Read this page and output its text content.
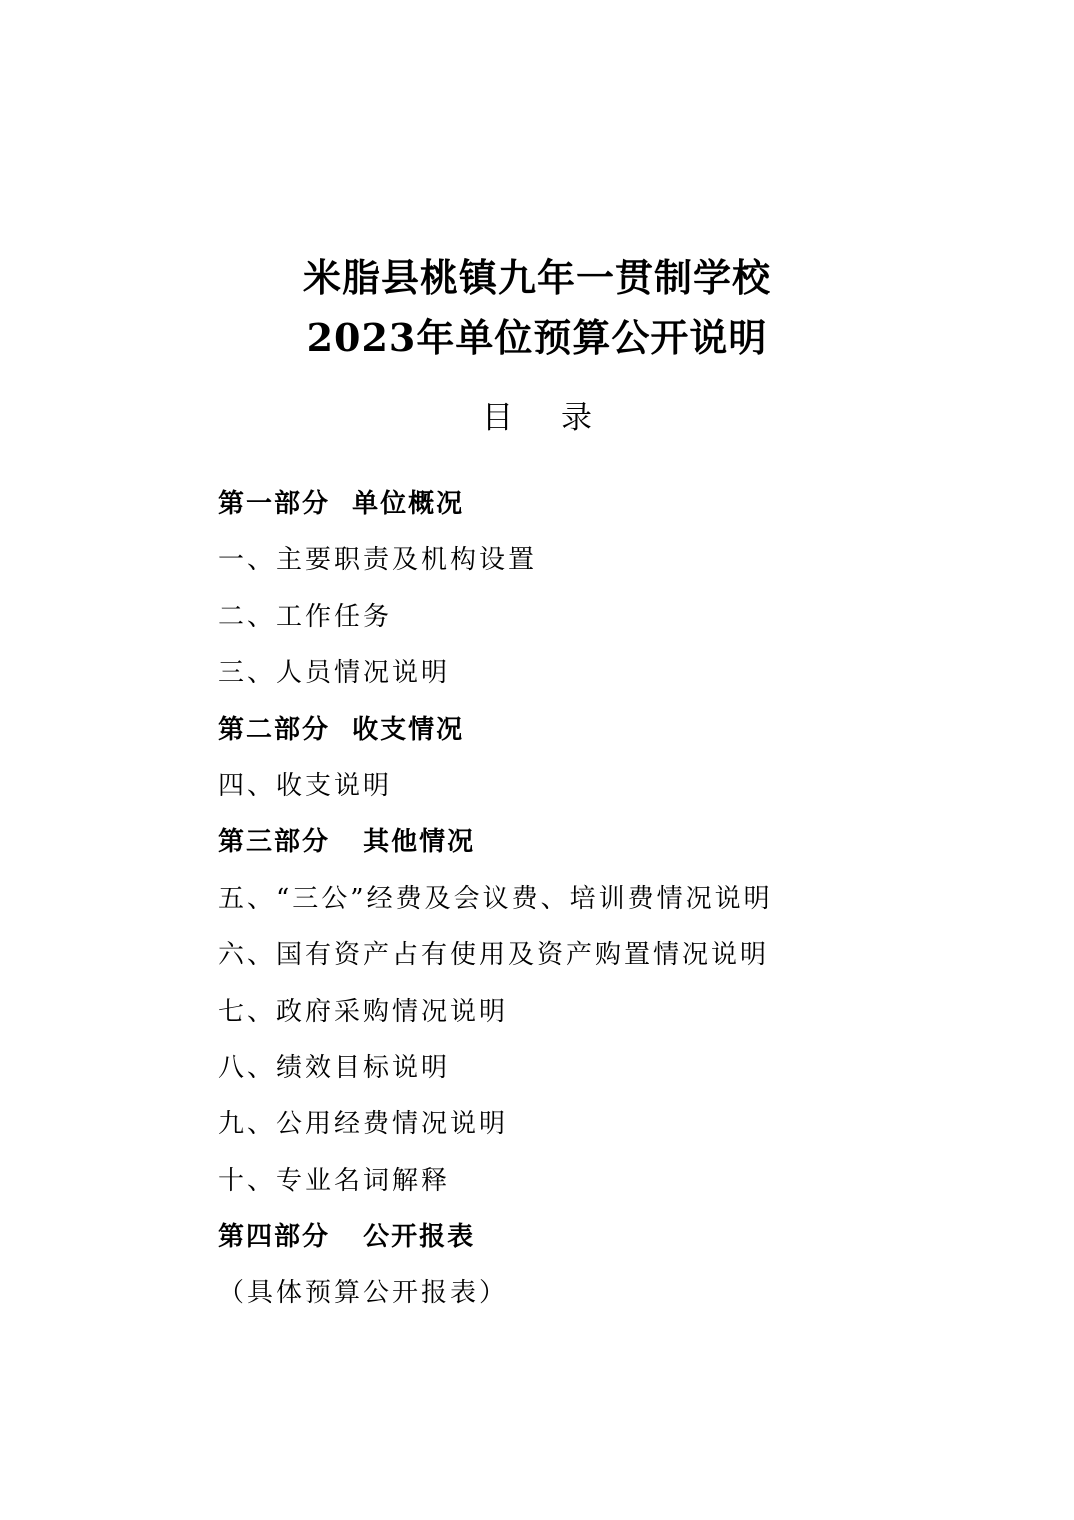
米脂县桃镇九年一贯制学校
2023年单位预算公开说明
目 录
第一部分  单位概况
一、主要职责及机构设置
二、工作任务
三、人员情况说明
第二部分  收支情况
四、收支说明
第三部分   其他情况
五、“三公”经费及会议费、培训费情况说明
六、国有资产占有使用及资产购置情况说明
七、政府采购情况说明
八、绩效目标说明
九、公用经费情况说明
十、专业名词解释
第四部分   公开报表
（具体预算公开报表）
